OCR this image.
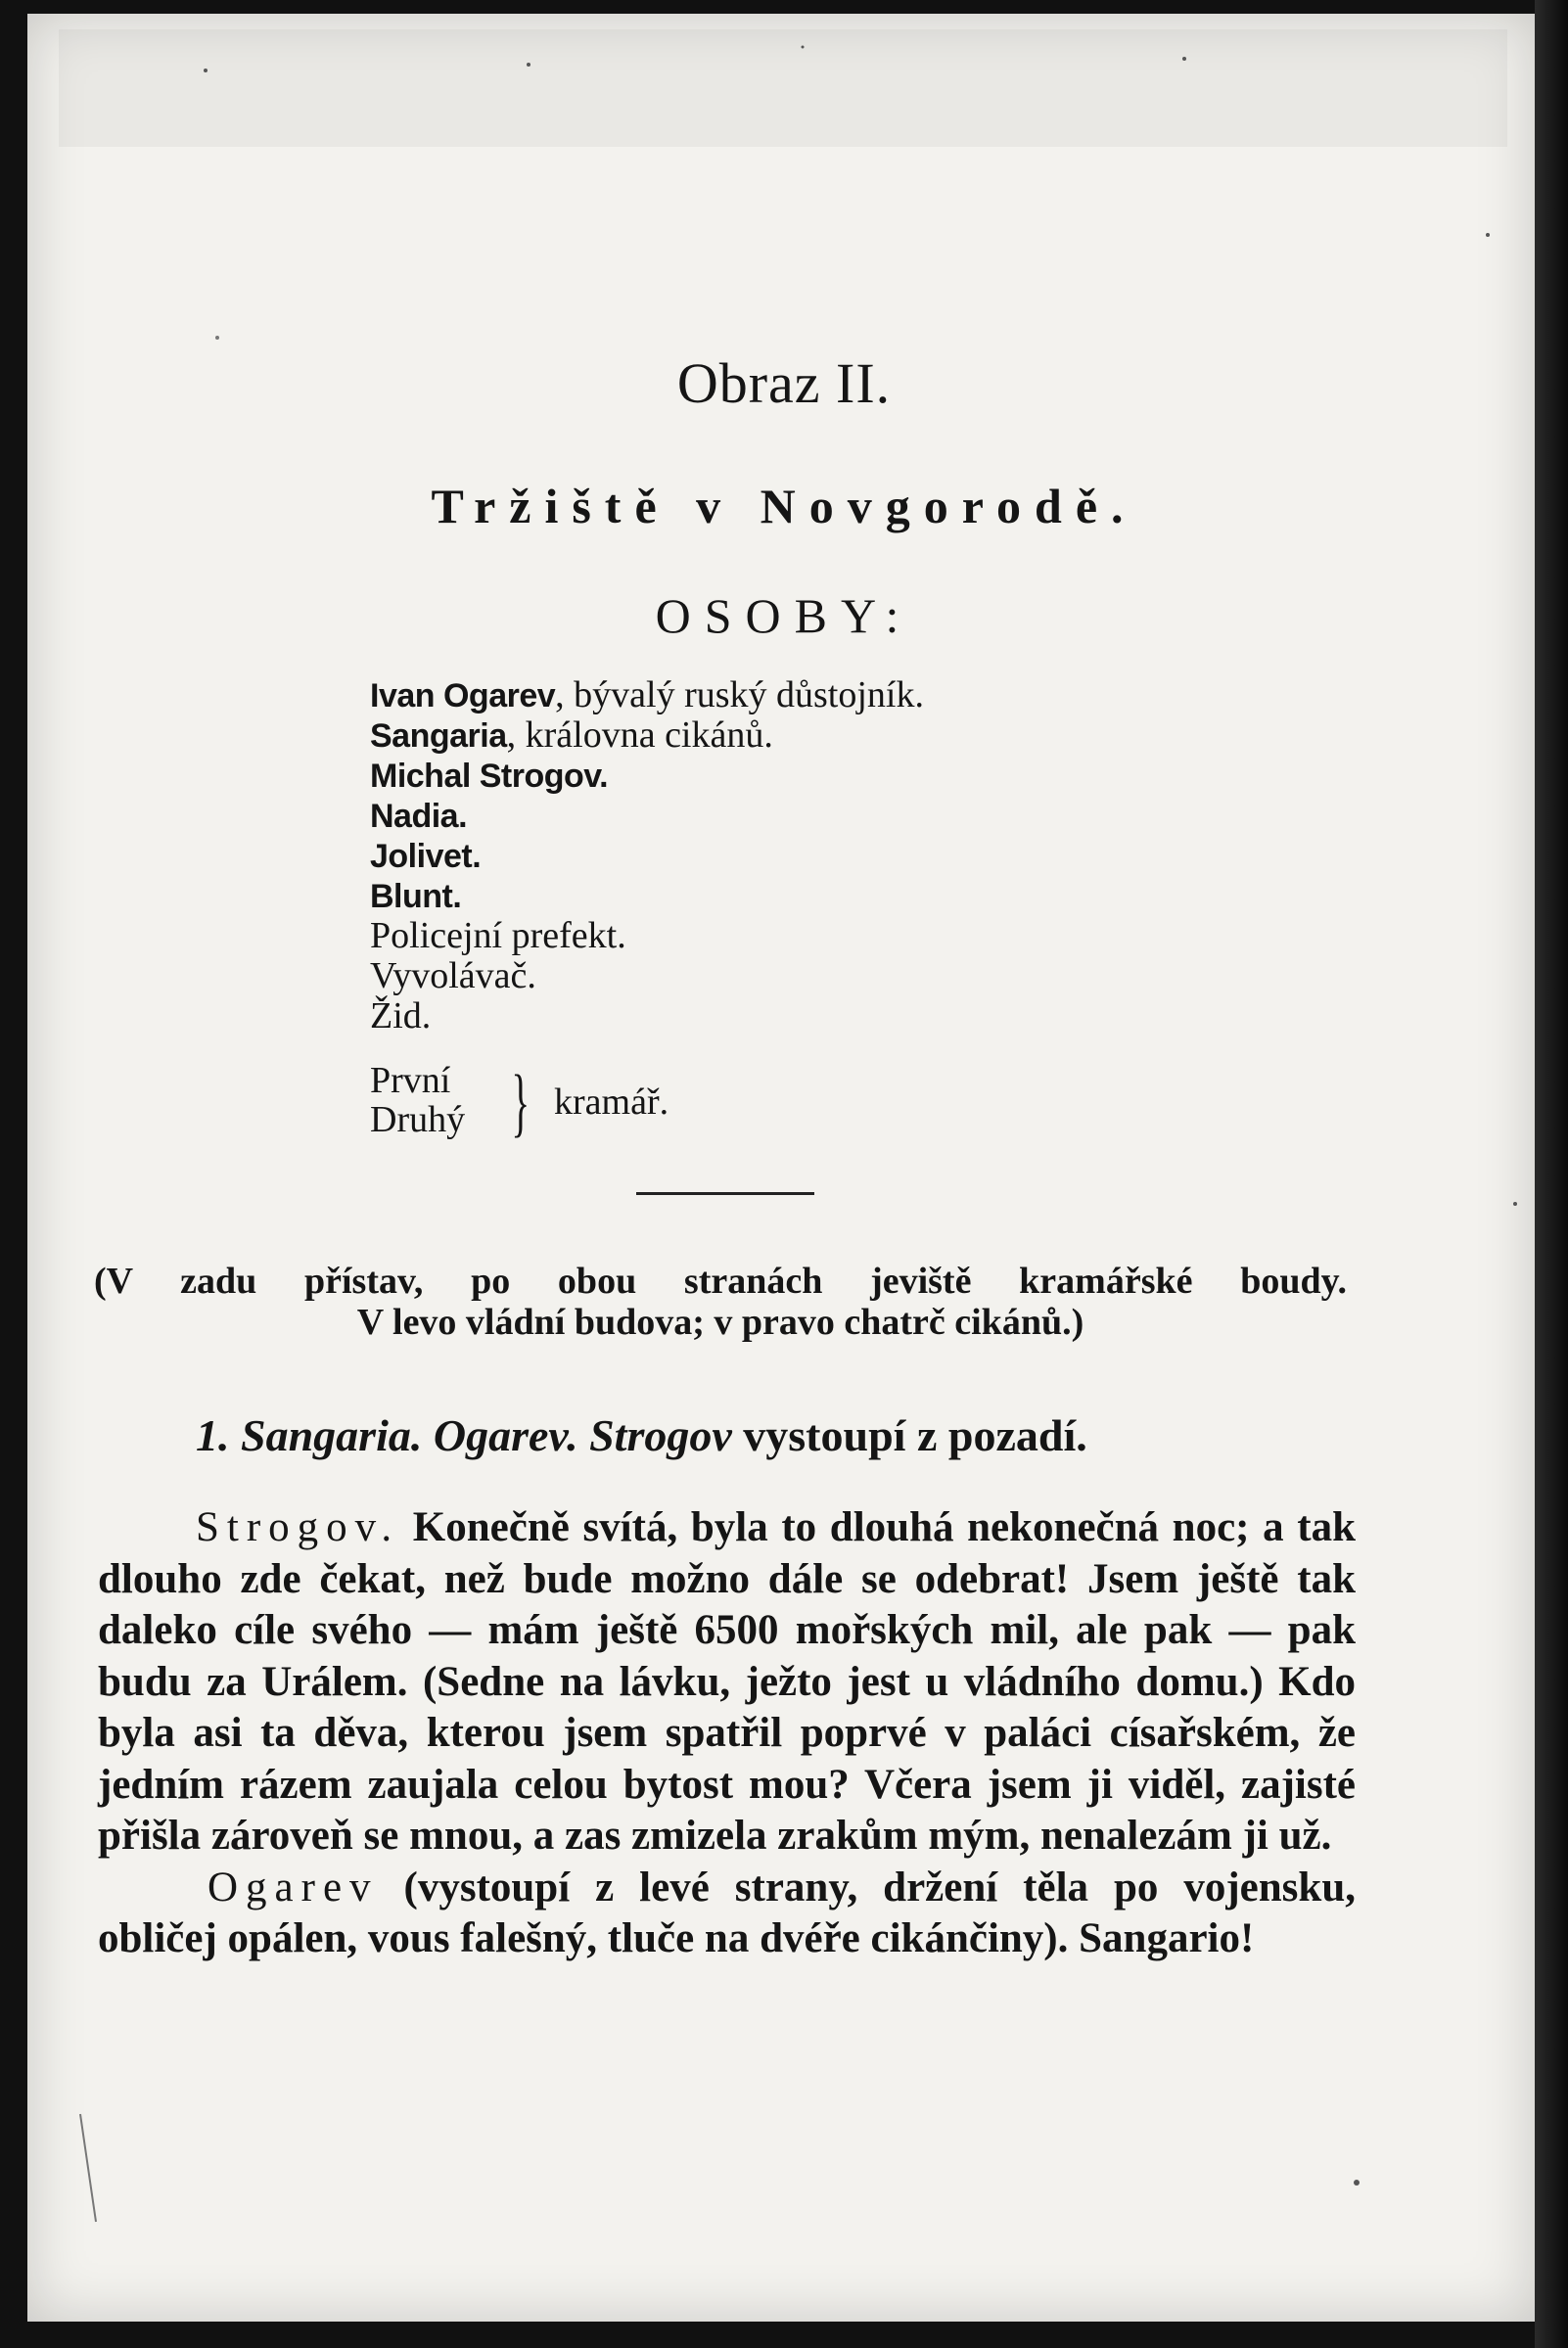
Obraz II.
Tržiště v Novgorodě.
OSOBY:
Ivan Ogarev, bývalý ruský důstojník.
Sangaria, královna cikánů.
Michal Strogov.
Nadia.
Jolivet.
Blunt.
Policejní prefekt.
Vyvolávač.
Žid.
První
Druhý } kramář.
(V zadu přístav, po obou stranách jeviště kramářské boudy.
V levo vládní budova; v pravo chatrč cikánů.)
1. Sangaria. Ogarev. Strogov vystoupí z pozadí.

Strogov. Konečně svítá, byla to dlouhá nekonečná noc; a tak dlouho zde čekat, než bude možno dále se odebrat! Jsem ještě tak daleko cíle svého — mám ještě 6500 mořských mil, ale pak — pak budu za Urálem. (Sedne na lávku, ježto jest u vládního domu.) Kdo byla asi ta děva, kterou jsem spatřil poprvé v paláci císařském, že jedním rázem zaujala celou bytost mou? Včera jsem ji viděl, zajisté přišla zároveň se mnou, a zas zmizela zrakům mým, nenalezám ji už.

Ogarev (vystoupí z levé strany, držení těla po vojensku, obličej opálen, vous falešný, tluče na dvéře cikánčiny). Sangario!
